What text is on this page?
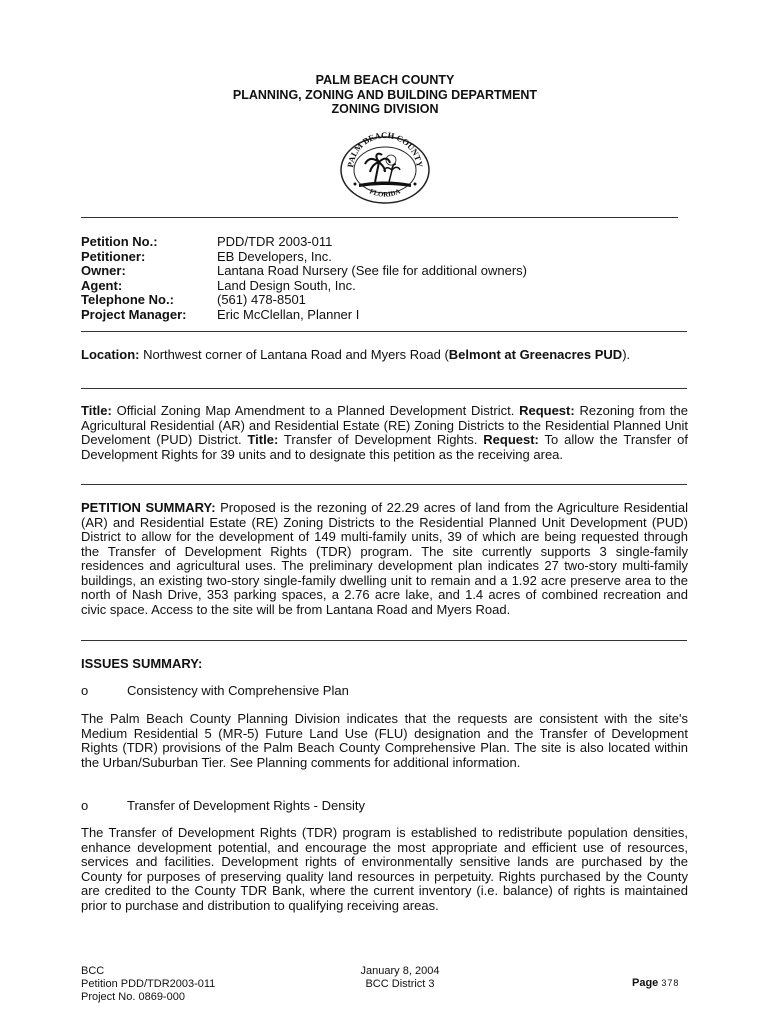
PALM BEACH COUNTY
PLANNING, ZONING AND BUILDING DEPARTMENT
ZONING DIVISION
PALM BEACH COUNTY
FLORIDA
Petition No.:	PDD/TDR 2003-011
Petitioner:	EB Developers, Inc.
Owner:	Lantana Road Nursery (See file for additional owners)
Agent:	Land Design South, Inc.
Telephone No.:	(561) 478-8501
Project Manager:	Eric McClellan, Planner I
Location: Northwest corner of Lantana Road and Myers Road (Belmont at Greenacres PUD).
Title: Official Zoning Map Amendment to a Planned Development District. Request: Rezoning from the Agricultural Residential (AR) and Residential Estate (RE) Zoning Districts to the Residential Planned Unit Develoment (PUD) District. Title: Transfer of Development Rights. Request: To allow the Transfer of Development Rights for 39 units and to designate this petition as the receiving area.
PETITION SUMMARY: Proposed is the rezoning of 22.29 acres of land from the Agriculture Residential (AR) and Residential Estate (RE) Zoning Districts to the Residential Planned Unit Development (PUD) District to allow for the development of 149 multi-family units, 39 of which are being requested through the Transfer of Development Rights (TDR) program. The site currently supports 3 single-family residences and agricultural uses. The preliminary development plan indicates 27 two-story multi-family buildings, an existing two-story single-family dwelling unit to remain and a 1.92 acre preserve area to the north of Nash Drive, 353 parking spaces, a 2.76 acre lake, and 1.4 acres of combined recreation and civic space. Access to the site will be from Lantana Road and Myers Road.
ISSUES SUMMARY:
o	Consistency with Comprehensive Plan
The Palm Beach County Planning Division indicates that the requests are consistent with the site's Medium Residential 5 (MR-5) Future Land Use (FLU) designation and the Transfer of Development Rights (TDR) provisions of the Palm Beach County Comprehensive Plan. The site is also located within the Urban/Suburban Tier. See Planning comments for additional information.
o	Transfer of Development Rights - Density
The Transfer of Development Rights (TDR) program is established to redistribute population densities, enhance development potential, and encourage the most appropriate and efficient use of resources, services and facilities. Development rights of environmentally sensitive lands are purchased by the County for purposes of preserving quality land resources in perpetuity. Rights purchased by the County are credited to the County TDR Bank, where the current inventory (i.e. balance) of rights is maintained prior to purchase and distribution to qualifying receiving areas.
BCC
Petition PDD/TDR2003-011
Project No. 0869-000
January 8, 2004
BCC District 3	Page 378
